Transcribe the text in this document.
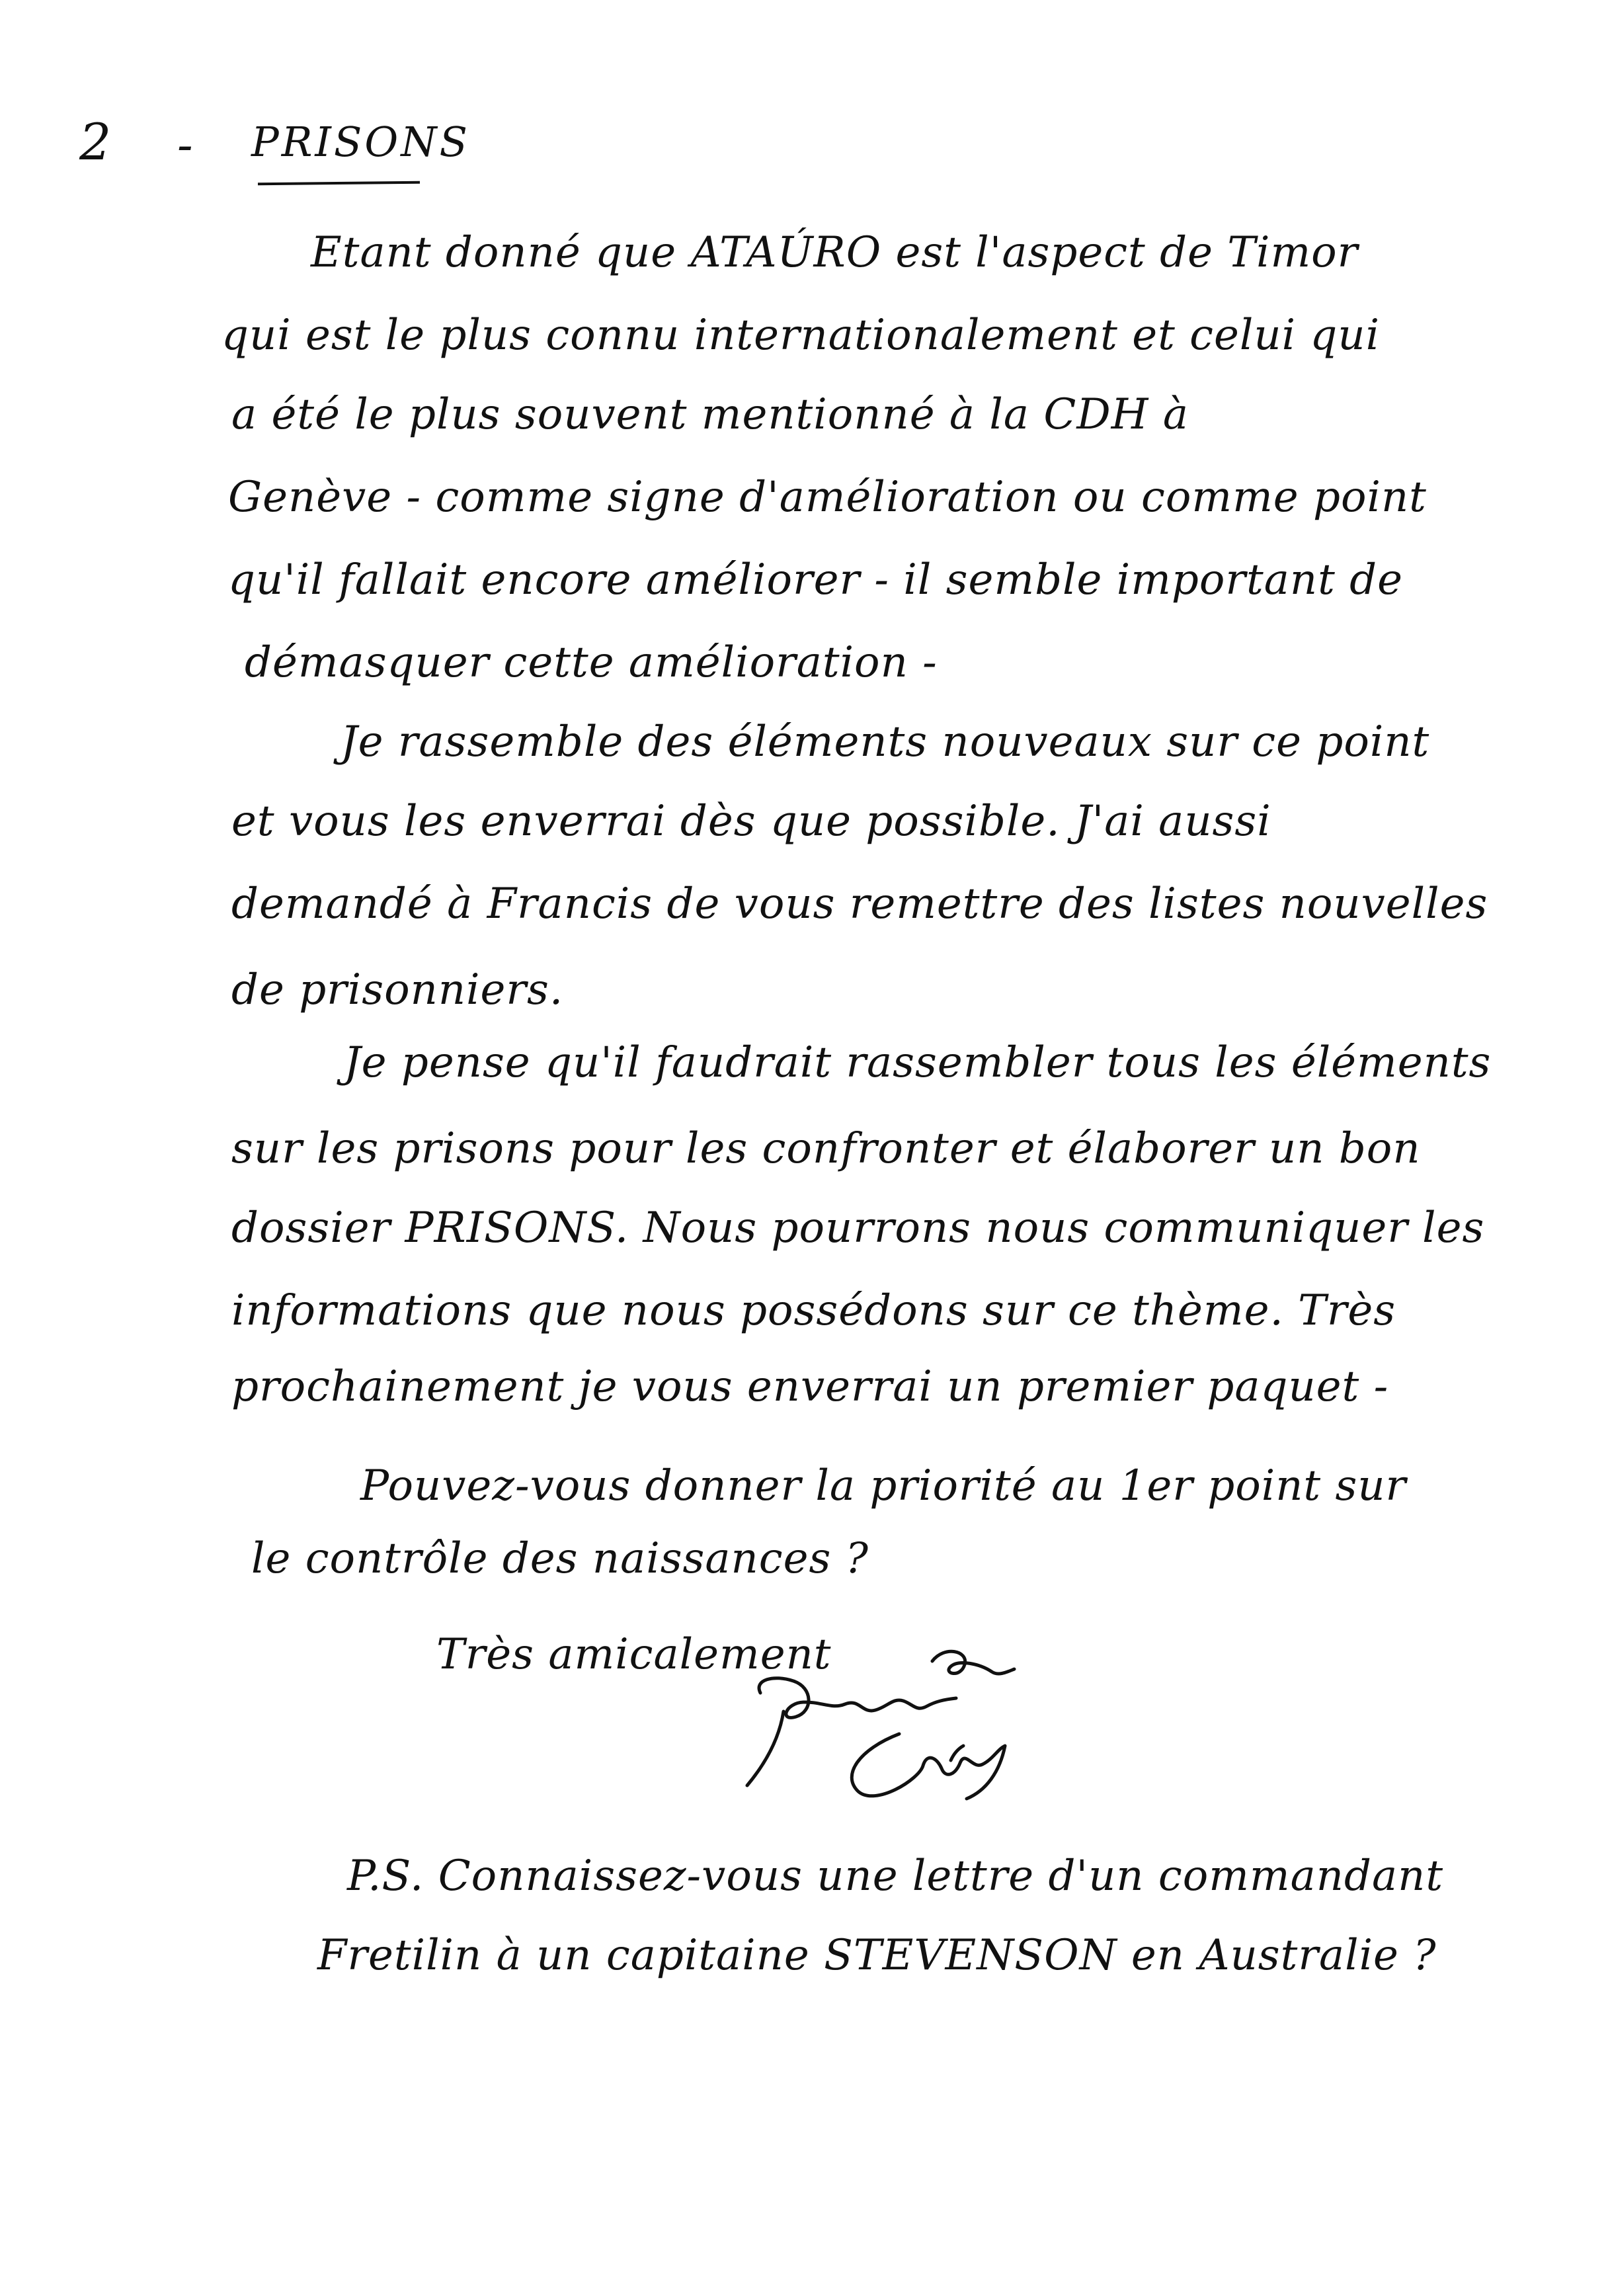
2 - PRISONS
Etant donné que ATAÚRO est l'aspect de Timor
qui est le plus connu internationalement et celui qui
a été le plus souvent mentionné à la CDH à
Genève - comme signe d'amélioration ou comme point
qu'il fallait encore améliorer - il semble important de
démasquer cette amélioration -
Je rassemble des éléments nouveaux sur ce point
et vous les enverrai dès que possible. J'ai aussi
demandé à Francis de vous remettre des listes nouvelles
de prisonniers.
Je pense qu'il faudrait rassembler tous les éléments
sur les prisons pour les confronter et élaborer un bon
dossier PRISONS. Nous pourrons nous communiquer les
informations que nous possédons sur ce thème. Très
prochainement je vous enverrai un premier paquet -
Pouvez-vous donner la priorité au 1er point sur
le contrôle des naissances ?
Très amicalement
P.S. Connaissez-vous une lettre d'un commandant
Fretilin à un capitaine STEVENSON en Australie ?
